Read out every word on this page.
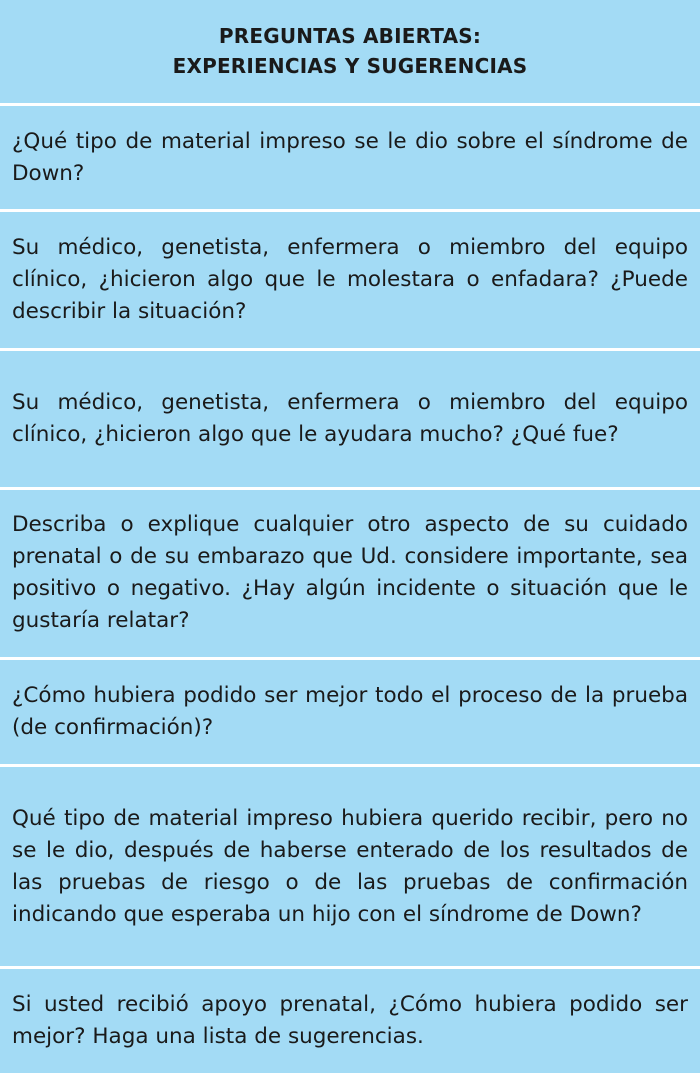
PREGUNTAS ABIERTAS:
EXPERIENCIAS Y SUGERENCIAS

¿Qué tipo de material impreso se le dio sobre el síndrome de Down?

Su médico, genetista, enfermera o miembro del equipo clínico, ¿hicieron algo que le molestara o enfadara? ¿Puede describir la situación?

Su médico, genetista, enfermera o miembro del equipo clínico, ¿hicieron algo que le ayudara mucho? ¿Qué fue?

Describa o explique cualquier otro aspecto de su cuidado prenatal o de su embarazo que Ud. considere importante, sea positivo o negativo. ¿Hay algún incidente o situación que le gustaría relatar?

¿Cómo hubiera podido ser mejor todo el proceso de la prueba (de confirmación)?

Qué tipo de material impreso hubiera querido recibir, pero no se le dio, después de haberse enterado de los resultados de las pruebas de riesgo o de las pruebas de confirmación indicando que esperaba un hijo con el síndrome de Down?

Si usted recibió apoyo prenatal, ¿Cómo hubiera podido ser mejor? Haga una lista de sugerencias.
